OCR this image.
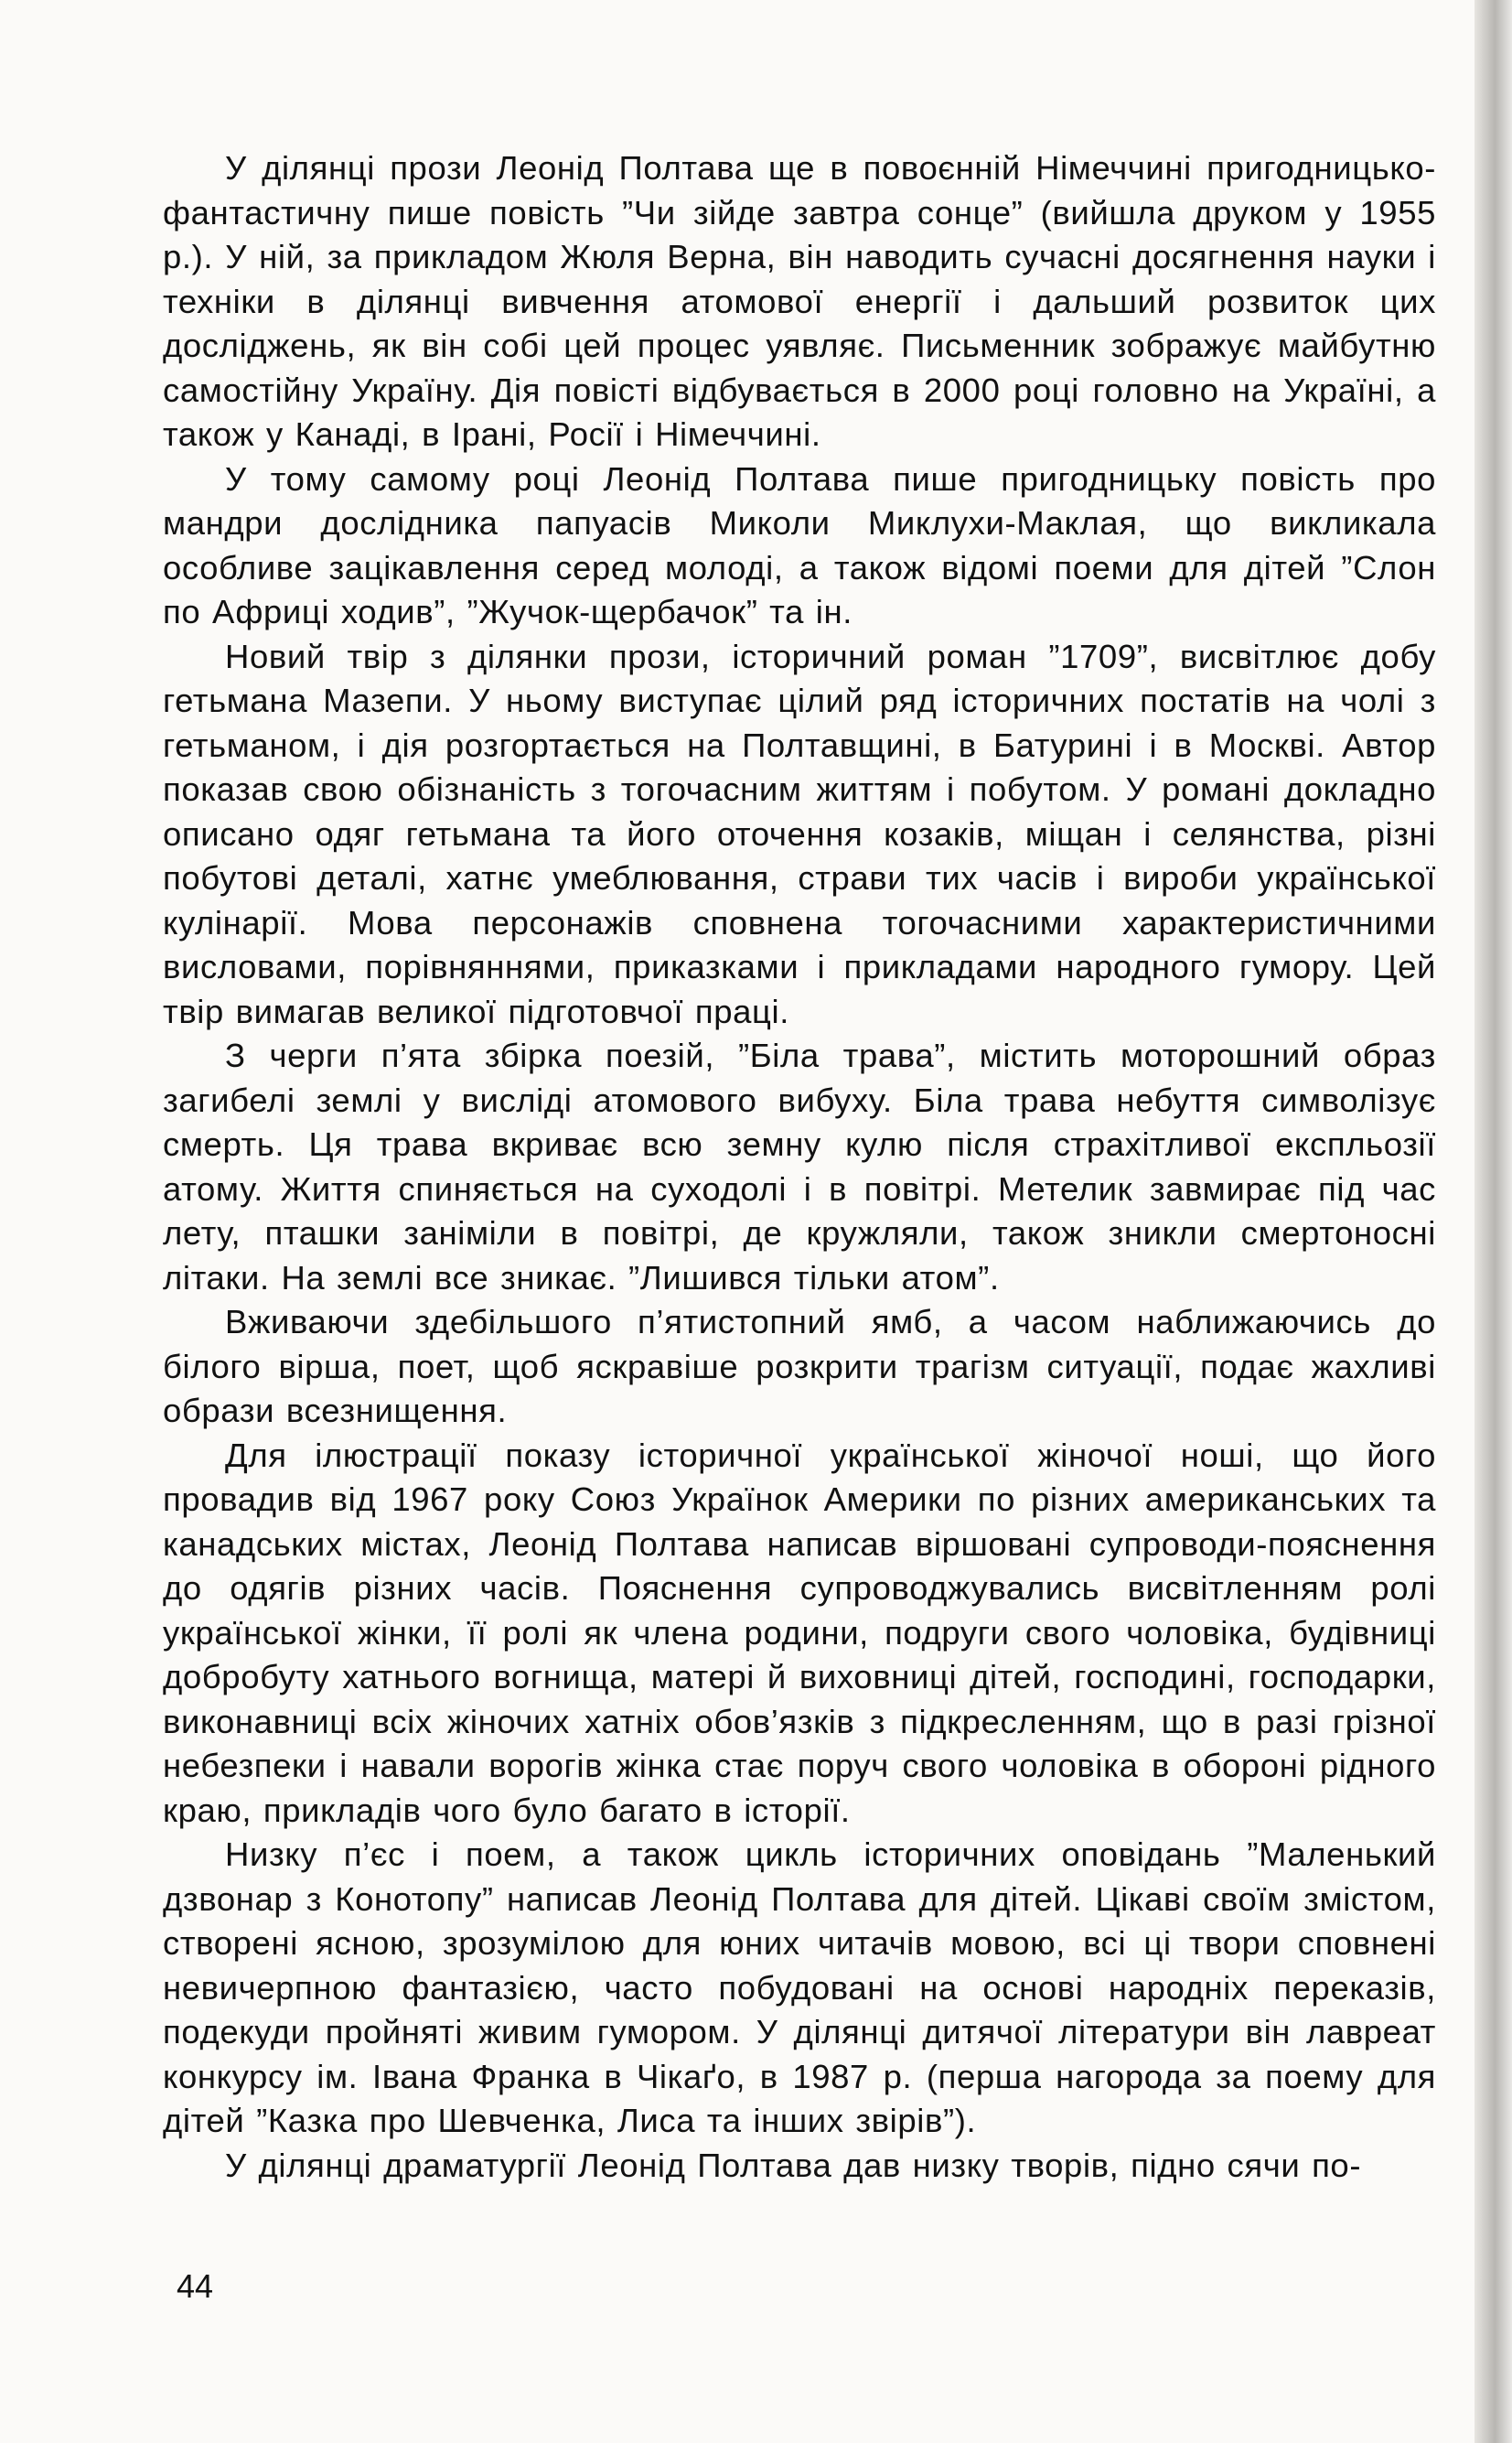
У ділянці прози Леонід Полтава ще в повоєнній Німеччині пригодницько-фантастичну пише повість ”Чи зійде завтра сонце” (вийшла друком у 1955 р.). У ній, за прикладом Жюля Верна, він наводить сучасні досягнення науки і техніки в ділянці вивчення атомової енергії і дальший розвиток цих досліджень, як він собі цей процес уявляє. Письменник зображує майбутню самостійну Україну. Дія повісті відбувається в 2000 році головно на Україні, а також у Канаді, в Ірані, Росії і Німеччині.

У тому самому році Леонід Полтава пише пригодницьку повість про мандри дослідника папуасів Миколи Миклухи-Маклая, що викликала особливе зацікавлення серед молоді, а також відомі поеми для дітей ”Слон по Африці ходив”, ”Жучок-щербачок” та ін.

Новий твір з ділянки прози, історичний роман ”1709”, висвітлює добу гетьмана Мазепи. У ньому виступає цілий ряд історичних постатів на чолі з гетьманом, і дія розгортається на Полтавщині, в Батурині і в Москві. Автор показав свою обізнаність з тогочасним життям і побутом. У романі докладно описано одяг гетьмана та його оточення козаків, міщан і селянства, різні побутові деталі, хатнє умеблювання, страви тих часів і вироби української кулінарії. Мова персонажів сповнена тогочасними характеристичними висловами, порівняннями, приказками і прикладами народного гумору. Цей твір вимагав великої підготовчої праці.

З черги п’ята збірка поезій, ”Біла трава”, містить моторошний образ загибелі землі у висліді атомового вибуху. Біла трава небуття символізує смерть. Ця трава вкриває всю земну кулю після страхітливої експльозії атому. Життя спиняється на суходолі і в повітрі. Метелик завмирає під час лету, пташки заніміли в повітрі, де кружляли, також зникли смертоносні літаки. На землі все зникає. ”Лишився тільки атом”.

Вживаючи здебільшого п’ятистопний ямб, а часом наближаючись до білого вірша, поет, щоб яскравіше розкрити трагізм ситуації, подає жахливі образи всезнищення.

Для ілюстрації показу історичної української жіночої ноші, що його провадив від 1967 року Союз Українок Америки по різних американських та канадських містах, Леонід Полтава написав віршовані супроводи-пояснення до одягів різних часів. Пояснення супроводжувались висвітленням ролі української жінки, її ролі як члена родини, подруги свого чоловіка, будівниці добробуту хатнього вогнища, матері й виховниці дітей, господині, господарки, виконавниці всіх жіночих хатніх обов’язків з підкресленням, що в разі грізної небезпеки і навали ворогів жінка стає поруч свого чоловіка в обороні рідного краю, прикладів чого було багато в історії.

Низку п’єс і поем, а також цикль історичних оповідань ”Маленький дзвонар з Конотопу” написав Леонід Полтава для дітей. Цікаві своїм змістом, створені ясною, зрозумілою для юних читачів мовою, всі ці твори сповнені невичерпною фантазією, часто побудовані на основі народніх переказів, подекуди пройняті живим гумором. У ділянці дитячої літератури він лавреат конкурсу ім. Івана Франка в Чікаґо, в 1987 р. (перша нагорода за поему для дітей ”Казка про Шевченка, Лиса та інших звірів”).

У ділянці драматургії Леонід Полтава дав низку творів, підно сячи по-

44
